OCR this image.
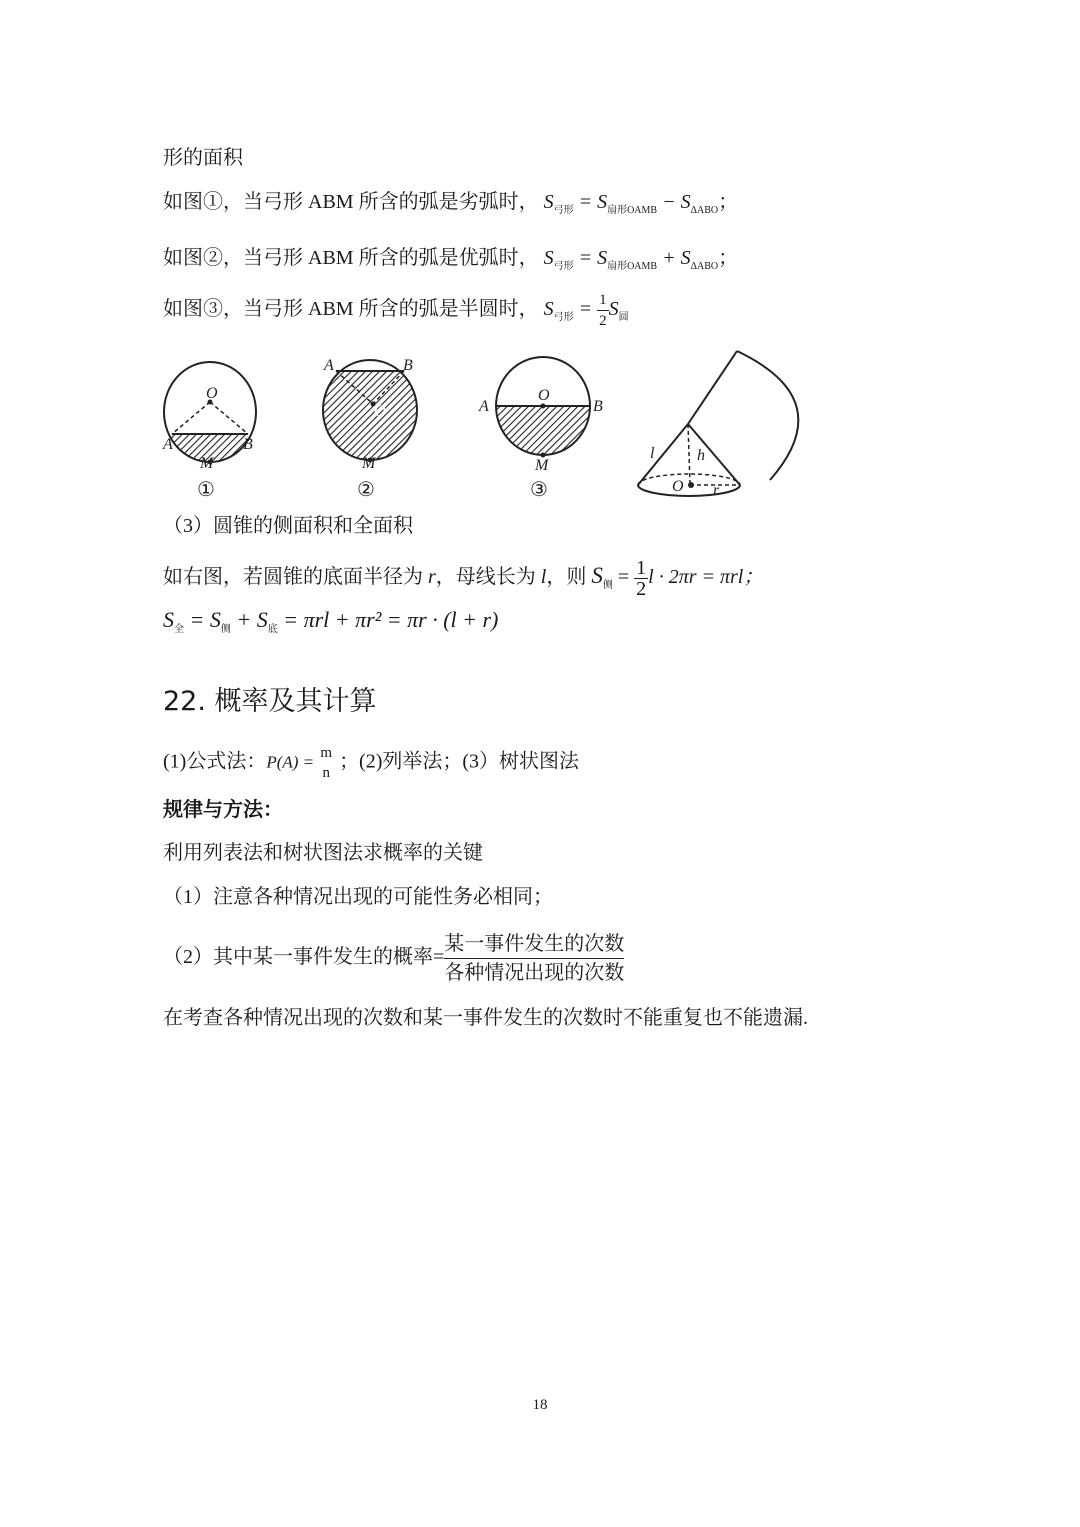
形的面积
如图①，当弓形 ABM 所含的弧是劣弧时， $S_{弓形} = S_{扇形OAMB} - S_{\Delta ABO}$；
如图②，当弓形 ABM 所含的弧是优弧时， $S_{弓形} = S_{扇形OAMB} + S_{\Delta ABO}$；
如图③，当弓形 ABM 所含的弧是半圆时， $S_{弓形} = \frac{1}{2} S_圆$
O
A	B
M
①
O
A	B
M
②
O
A	B
M
③
l	h
O r
（3）圆锥的侧面积和全面积
如右图，若圆锥的底面半径为 r，母线长为 l，则 $S_侧 = \frac{1}{2}$ l · 2πr = πrl；
$S_全 = S_侧 + S_底 = \pi rl + \pi r^2 = \pi r \cdot (l + r)$
22. 概率及其计算
(1)公式法：P(A) = m
n
；(2)列举法；(3）树状图法
规律与方法：
利用列表法和树状图法求概率的关键
（1）注意各种情况出现的可能性务必相同；
（2）其中某一事件发生的概率=
某一事件发生的次数
各种情况出现的次数
在考查各种情况出现的次数和某一事件发生的次数时不能重复也不能遗漏.
18
